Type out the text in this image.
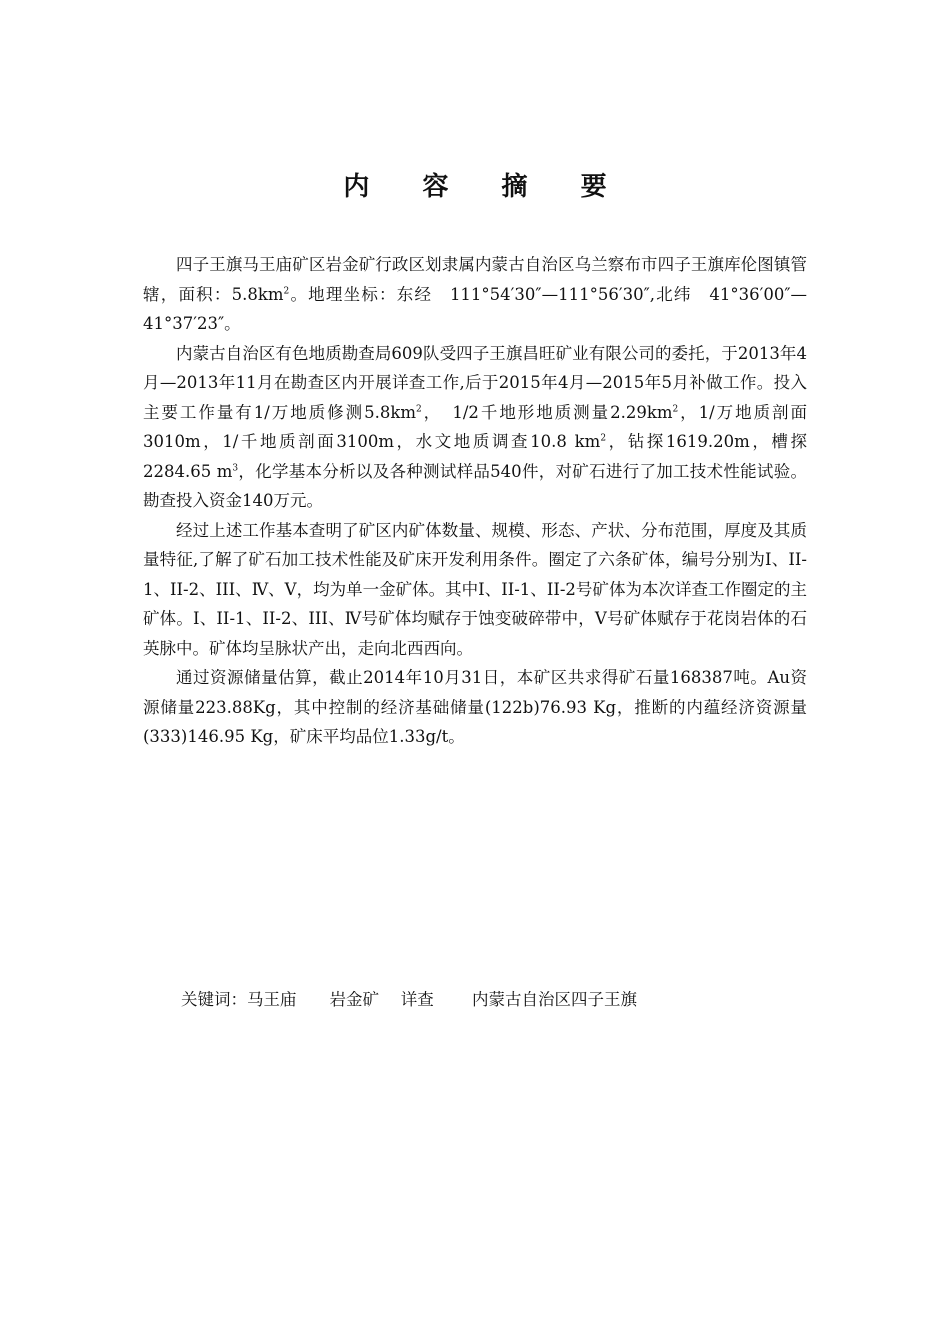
内 容 摘 要

四子王旗马王庙矿区岩金矿行政区划隶属内蒙古自治区乌兰察布市四子王旗库伦图镇管辖，面积：$5.8km^2$。地理坐标：东经　111°54′30″—111°56′30″,北纬　41°36′00″—41°37′23″。

内蒙古自治区有色地质勘查局609队受四子王旗昌旺矿业有限公司的委托，于2013年4月—2013年11月在勘查区内开展详查工作,后于2015年4月—2015年5月补做工作。投入主要工作量有1/万地质修测$5.8km^2$，　1/2千地形地质测量$2.29km^2$，1/万地质剖面3010m，1/千地质剖面3100m，水文地质调查10.8 $km^2$，钻探1619.20m，槽探2284.65 $m^3$，化学基本分析以及各种测试样品540件，对矿石进行了加工技术性能试验。勘查投入资金140万元。

经过上述工作基本查明了矿区内矿体数量、规模、形态、产状、分布范围，厚度及其质量特征,了解了矿石加工技术性能及矿床开发利用条件。圈定了六条矿体，编号分别为Ⅰ、II-1、II-2、III、Ⅳ、Ⅴ，均为单一金矿体。其中Ⅰ、II-1、II-2号矿体为本次详查工作圈定的主矿体。Ⅰ、II-1、II-2、III、Ⅳ号矿体均赋存于蚀变破碎带中，Ⅴ号矿体赋存于花岗岩体的石英脉中。矿体均呈脉状产出，走向北西西向。

通过资源储量估算，截止2014年10月31日，本矿区共求得矿石量168387吨。Au资源储量223.88Kg，其中控制的经济基础储量(122b)76.93 Kg，推断的内蕴经济资源量(333)146.95 Kg，矿床平均品位1.33g/t。

关键词：马王庙　　岩金矿　 详查　　 内蒙古自治区四子王旗
